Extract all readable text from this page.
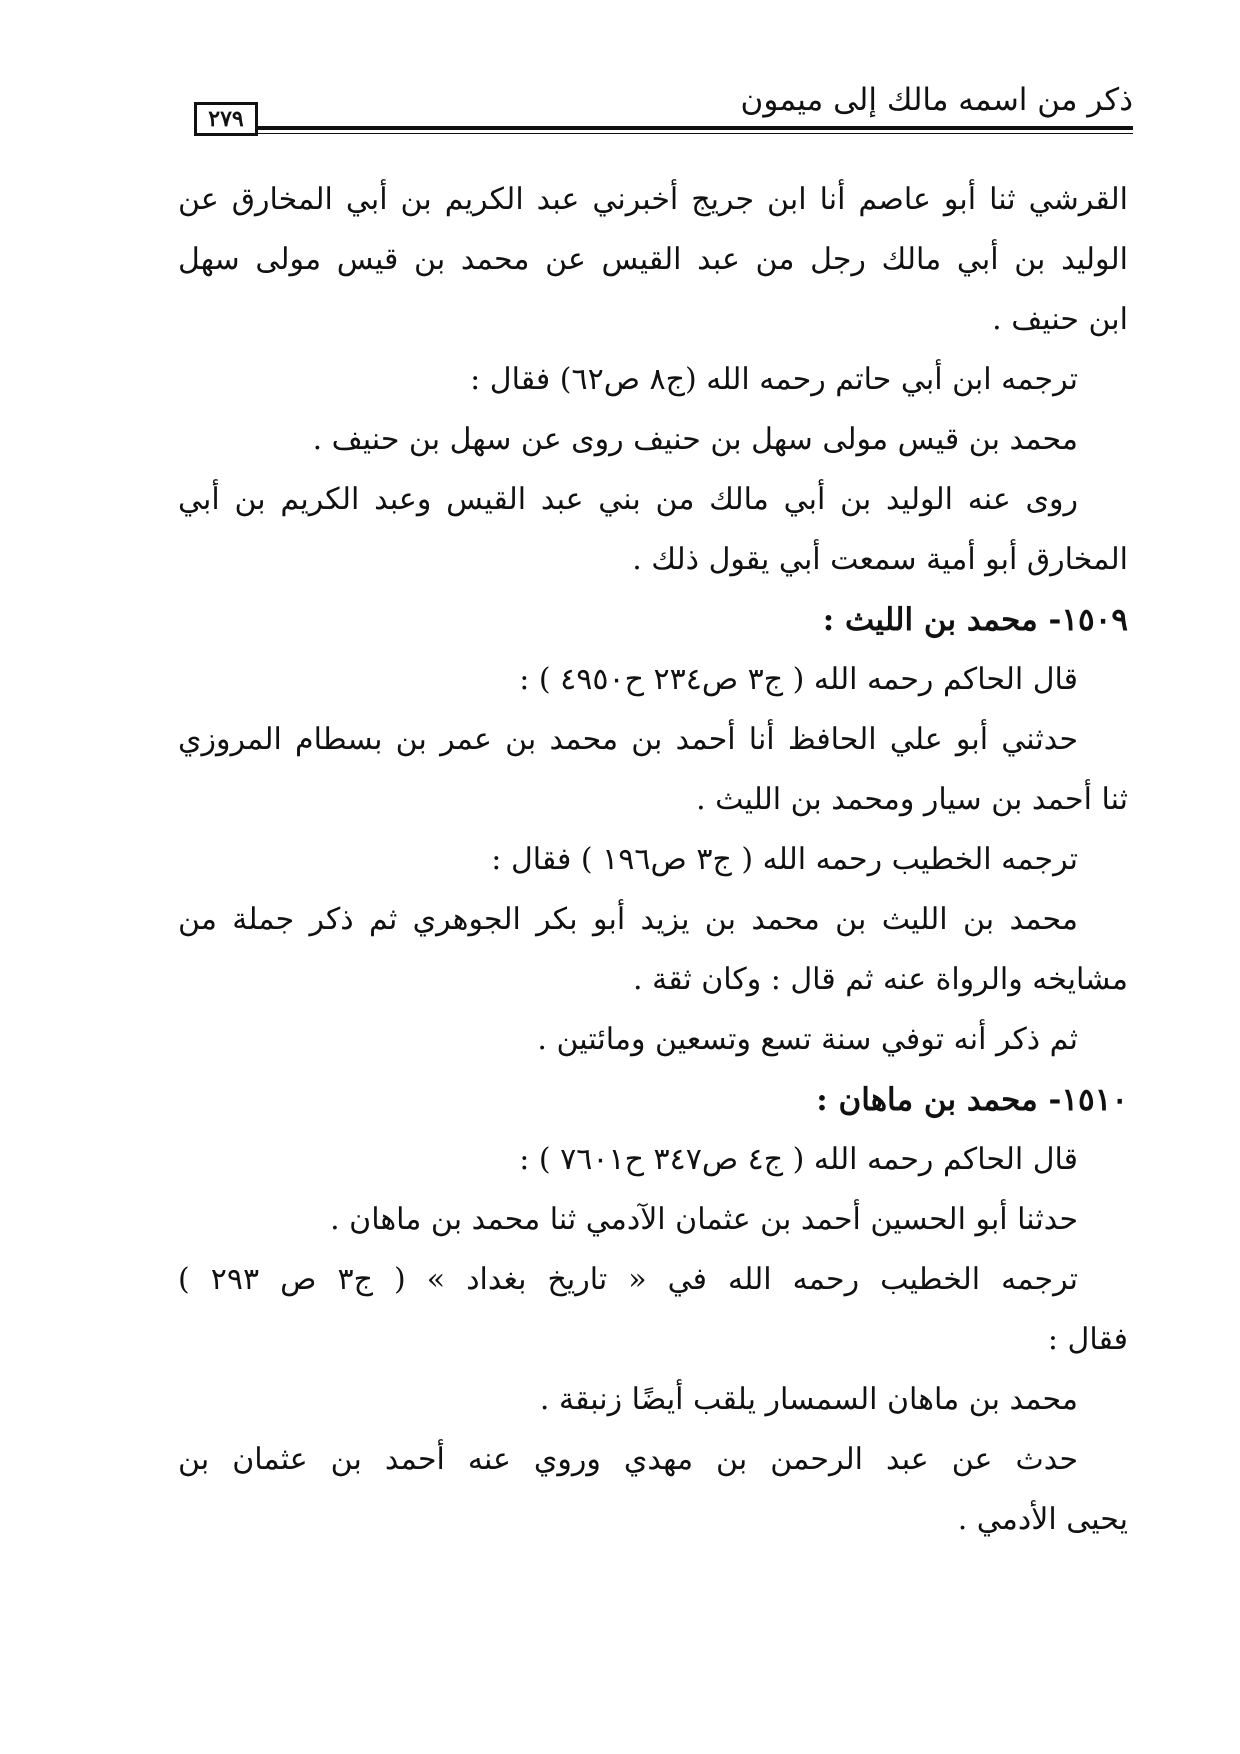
٢٧٩
ذكر من اسمه مالك إلى ميمون
القرشي ثنا أبو عاصم أنا ابن جريج أخبرني عبد الكريم بن أبي المخارق عن
الوليد بن أبي مالك رجل من عبد القيس عن محمد بن قيس مولى سهل
ابن حنيف .
ترجمه ابن أبي حاتم رحمه الله (ج٨ ص٦٢) فقال :
محمد بن قيس مولى سهل بن حنيف روى عن سهل بن حنيف .
روى عنه الوليد بن أبي مالك من بني عبد القيس وعبد الكريم بن أبي
المخارق أبو أمية سمعت أبي يقول ذلك .
١٥٠٩- محمد بن الليث :
قال الحاكم رحمه الله ( ج٣ ص٢٣٤ ح٤٩٥٠ ) :
حدثني أبو علي الحافظ أنا أحمد بن محمد بن عمر بن بسطام المروزي
ثنا أحمد بن سيار ومحمد بن الليث .
ترجمه الخطيب رحمه الله ( ج٣ ص١٩٦ ) فقال :
محمد بن الليث بن محمد بن يزيد أبو بكر الجوهري ثم ذكر جملة من
مشايخه والرواة عنه ثم قال : وكان ثقة .
ثم ذكر أنه توفي سنة تسع وتسعين ومائتين .
١٥١٠- محمد بن ماهان :
قال الحاكم رحمه الله ( ج٤ ص٣٤٧ ح٧٦٠١ ) :
حدثنا أبو الحسين أحمد بن عثمان الآدمي ثنا محمد بن ماهان .
ترجمه الخطيب رحمه الله في « تاريخ بغداد » ( ج٣ ص ٢٩٣ )
فقال :
محمد بن ماهان السمسار يلقب أيضًا زنبقة .
حدث عن عبد الرحمن بن مهدي وروي عنه أحمد بن عثمان بن
يحيى الأدمي .
